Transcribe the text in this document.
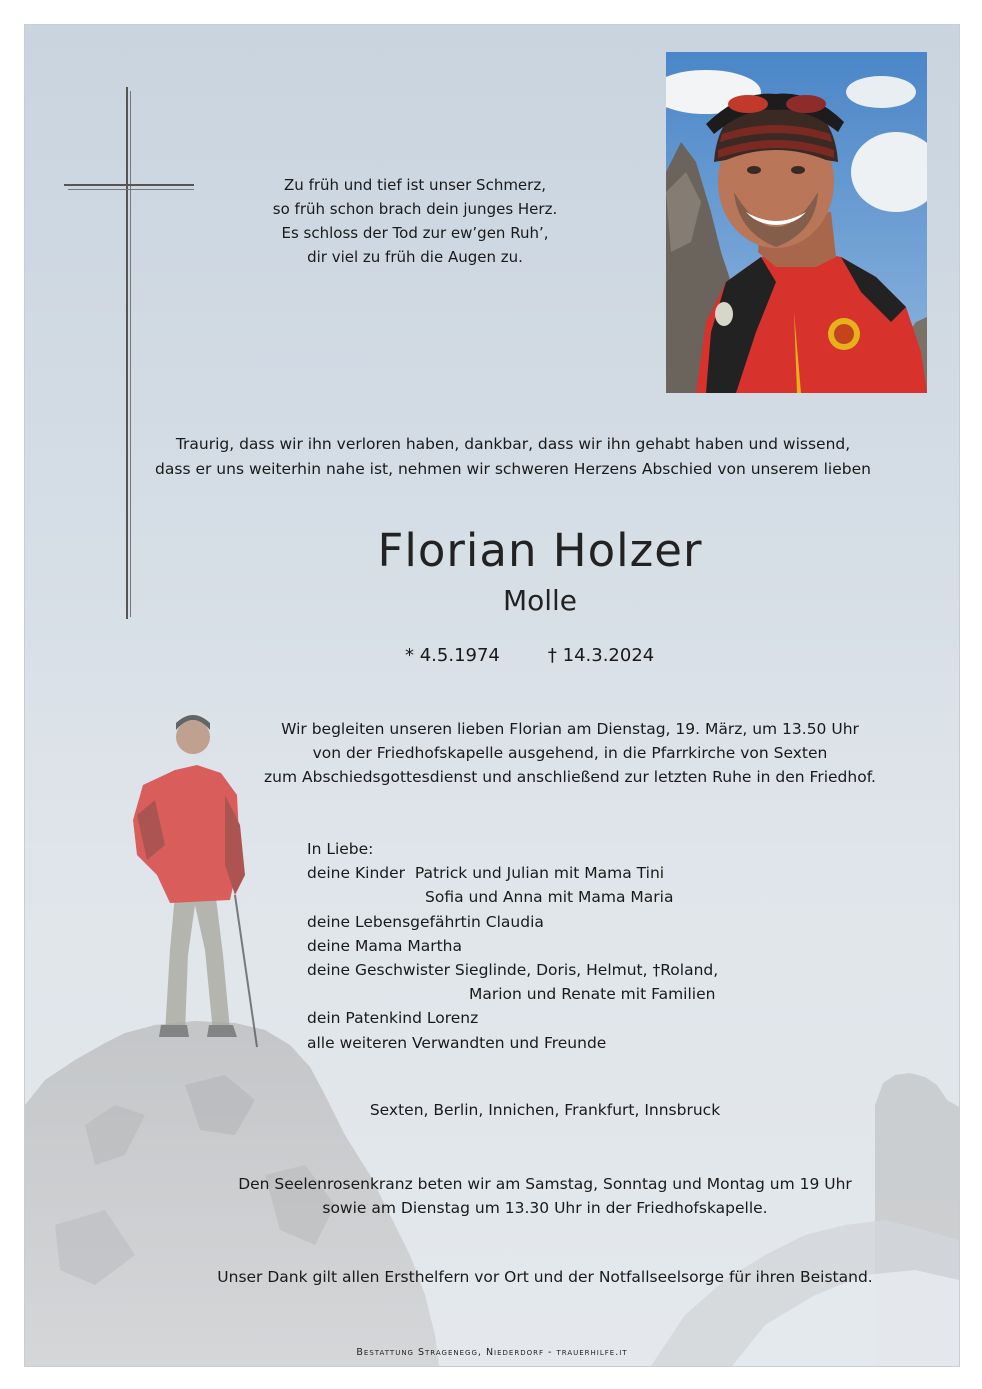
Zu früh und tief ist unser Schmerz,
so früh schon brach dein junges Herz.
Es schloss der Tod zur ew’gen Ruh’,
dir viel zu früh die Augen zu.
Traurig, dass wir ihn verloren haben, dankbar, dass wir ihn gehabt haben und wissend,
dass er uns weiterhin nahe ist, nehmen wir schweren Herzens Abschied von unserem lieben
Florian Holzer
Molle
* 4.5.1974	† 14.3.2024
Wir begleiten unseren lieben Florian am Dienstag, 19. März, um 13.50 Uhr
von der Friedhofskapelle ausgehend, in die Pfarrkirche von Sexten
zum Abschiedsgottesdienst und anschließend zur letzten Ruhe in den Friedhof.
In Liebe:
deine Kinder Patrick und Julian mit Mama Tini
Sofia und Anna mit Mama Maria
deine Lebensgefährtin Claudia
deine Mama Martha
deine Geschwister Sieglinde, Doris, Helmut, †Roland,
Marion und Renate mit Familien
dein Patenkind Lorenz
alle weiteren Verwandten und Freunde
Sexten, Berlin, Innichen, Frankfurt, Innsbruck
Den Seelenrosenkranz beten wir am Samstag, Sonntag und Montag um 19 Uhr
sowie am Dienstag um 13.30 Uhr in der Friedhofskapelle.
Unser Dank gilt allen Ersthelfern vor Ort und der Notfallseelsorge für ihren Beistand.
Bestattung Stragenegg, Niederdorf - trauerhilfe.it
